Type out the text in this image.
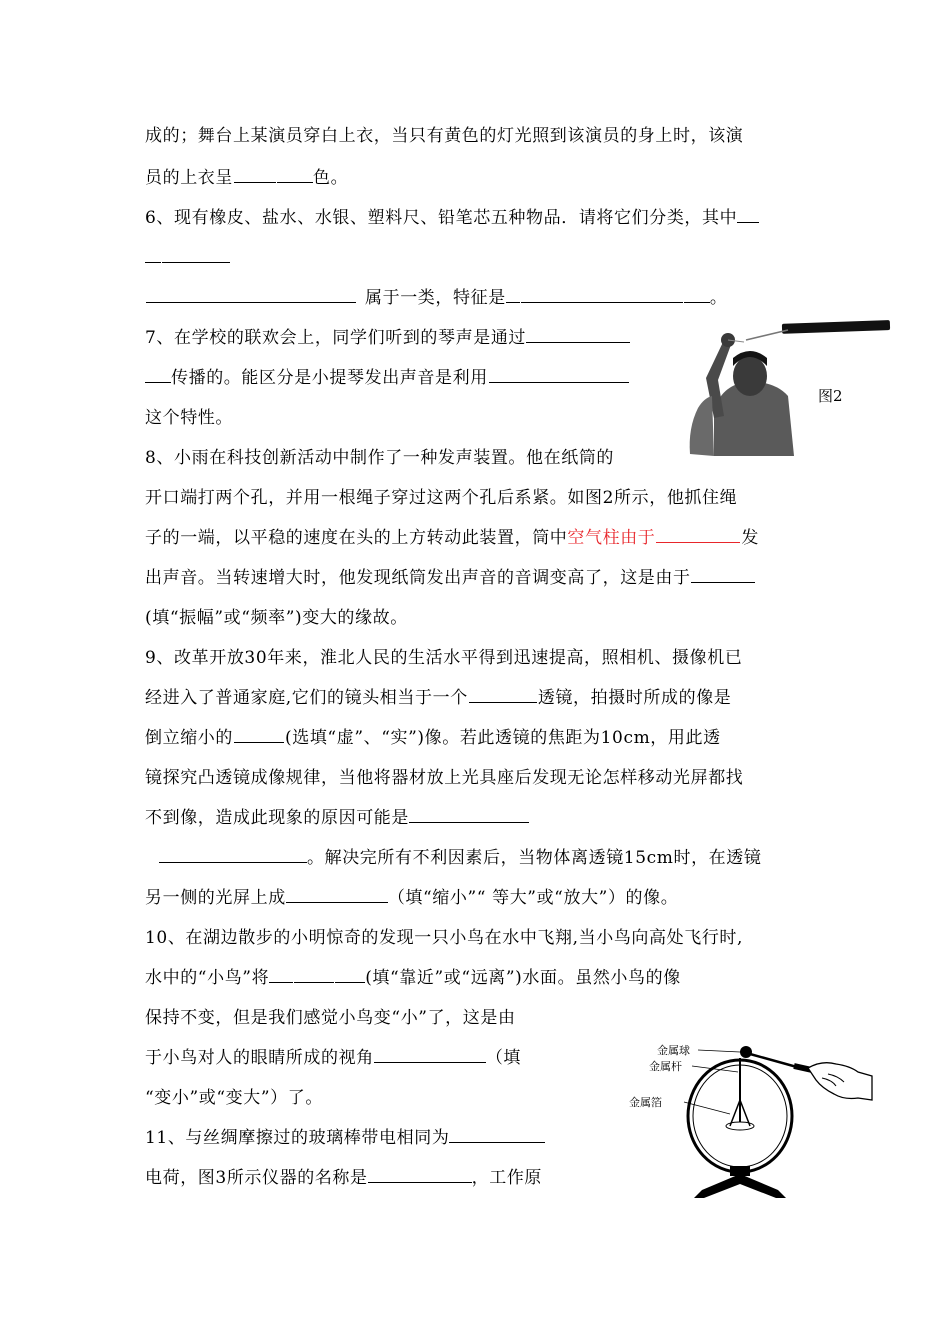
成的；舞台上某演员穿白上衣，当只有黄色的灯光照到该演员的身上时，该演
员的上衣呈	色。
6、现有橡皮、盐水、水银、塑料尺、铅笔芯五种物品．请将它们分类，其中
属于一类，特征是	。
7、在学校的联欢会上，同学们听到的琴声是通过
传播的。能区分是小提琴发出声音是利用
这个特性。
8、小雨在科技创新活动中制作了一种发声装置。他在纸筒的
开口端打两个孔，并用一根绳子穿过这两个孔后系紧。如图2所示，他抓住绳
子的一端，以平稳的速度在头的上方转动此装置，筒中空气柱由于	发
出声音。当转速增大时，他发现纸筒发出声音的音调变高了，这是由于
(填“振幅”或“频率”)变大的缘故。
9、改革开放30年来，淮北人民的生活水平得到迅速提高，照相机、摄像机已
经进入了普通家庭,它们的镜头相当于一个	透镜，拍摄时所成的像是
倒立缩小的	(选填“虚”、“实”)像。若此透镜的焦距为10cm，用此透
镜探究凸透镜成像规律，当他将器材放上光具座后发现无论怎样移动光屏都找
不到像，造成此现象的原因可能是
。解决完所有不利因素后，当物体离透镜15cm时，在透镜
另一侧的光屏上成	（填“缩小”“ 等大”或“放大”）的像。
10、在湖边散步的小明惊奇的发现一只小鸟在水中飞翔,当小鸟向高处飞行时,
水中的“小鸟”将	(填“靠近”或“远离”)水面。虽然小鸟的像
保持不变，但是我们感觉小鸟变“小”了，这是由
于小鸟对人的眼睛所成的视角	（填
“变小”或“变大”）了。
11、与丝绸摩擦过的玻璃棒带电相同为
电荷，图3所示仪器的名称是	，工作原
图2
金属球
金属杆
金属箔
